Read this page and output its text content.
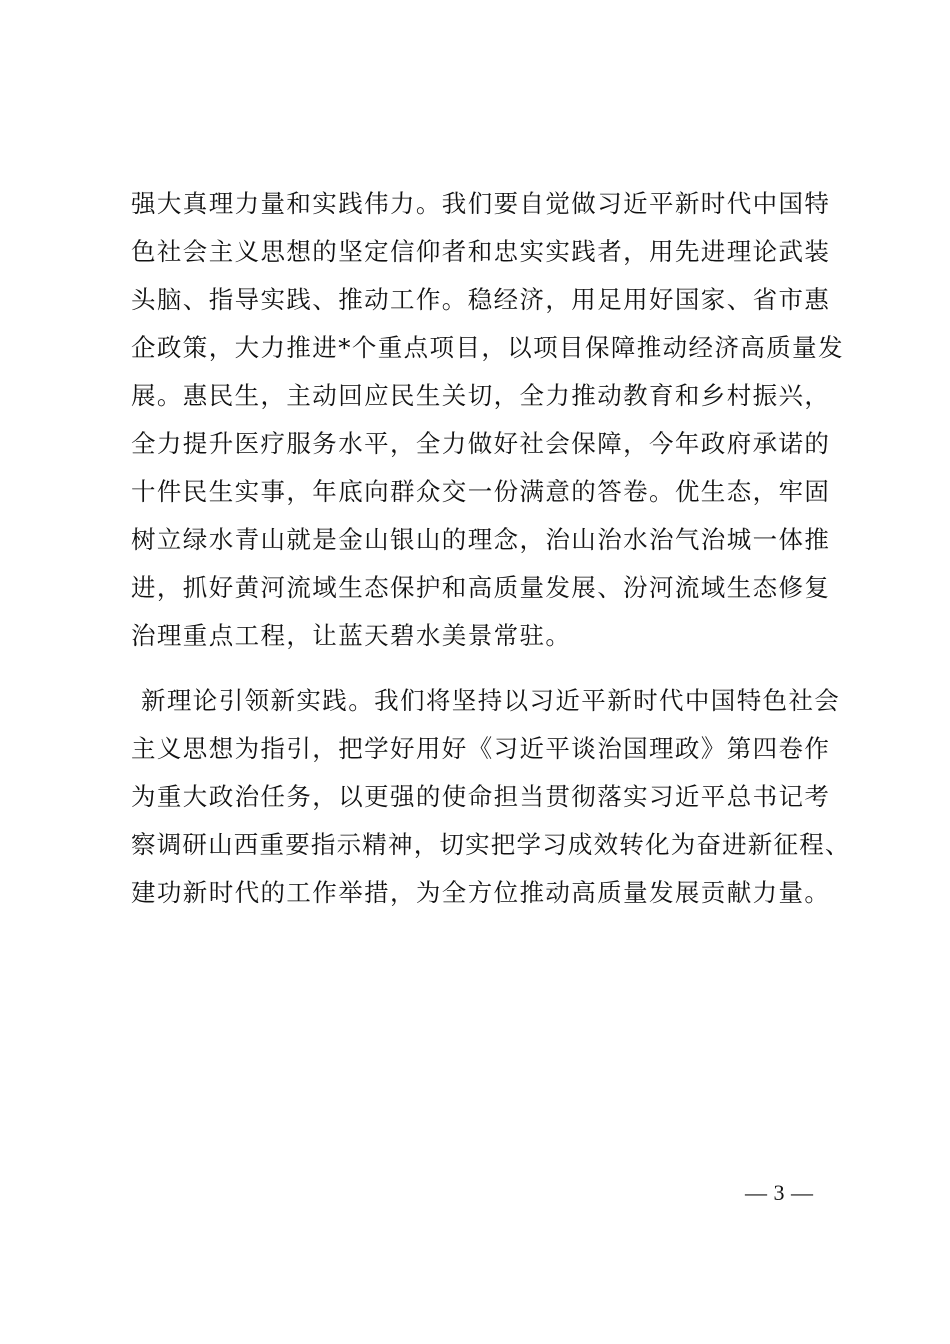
强大真理力量和实践伟力。我们要自觉做习近平新时代中国特
色社会主义思想的坚定信仰者和忠实实践者，用先进理论武装
头脑、指导实践、推动工作。稳经济，用足用好国家、省市惠
企政策，大力推进*个重点项目，以项目保障推动经济高质量发
展。惠民生，主动回应民生关切，全力推动教育和乡村振兴，
全力提升医疗服务水平，全力做好社会保障，今年政府承诺的
十件民生实事，年底向群众交一份满意的答卷。优生态，牢固
树立绿水青山就是金山银山的理念，治山治水治气治城一体推
进，抓好黄河流域生态保护和高质量发展、汾河流域生态修复
治理重点工程，让蓝天碧水美景常驻。
新理论引领新实践。我们将坚持以习近平新时代中国特色社会
主义思想为指引，把学好用好《习近平谈治国理政》第四卷作
为重大政治任务，以更强的使命担当贯彻落实习近平总书记考
察调研山西重要指示精神，切实把学习成效转化为奋进新征程、
建功新时代的工作举措，为全方位推动高质量发展贡献力量。
— 3 —
